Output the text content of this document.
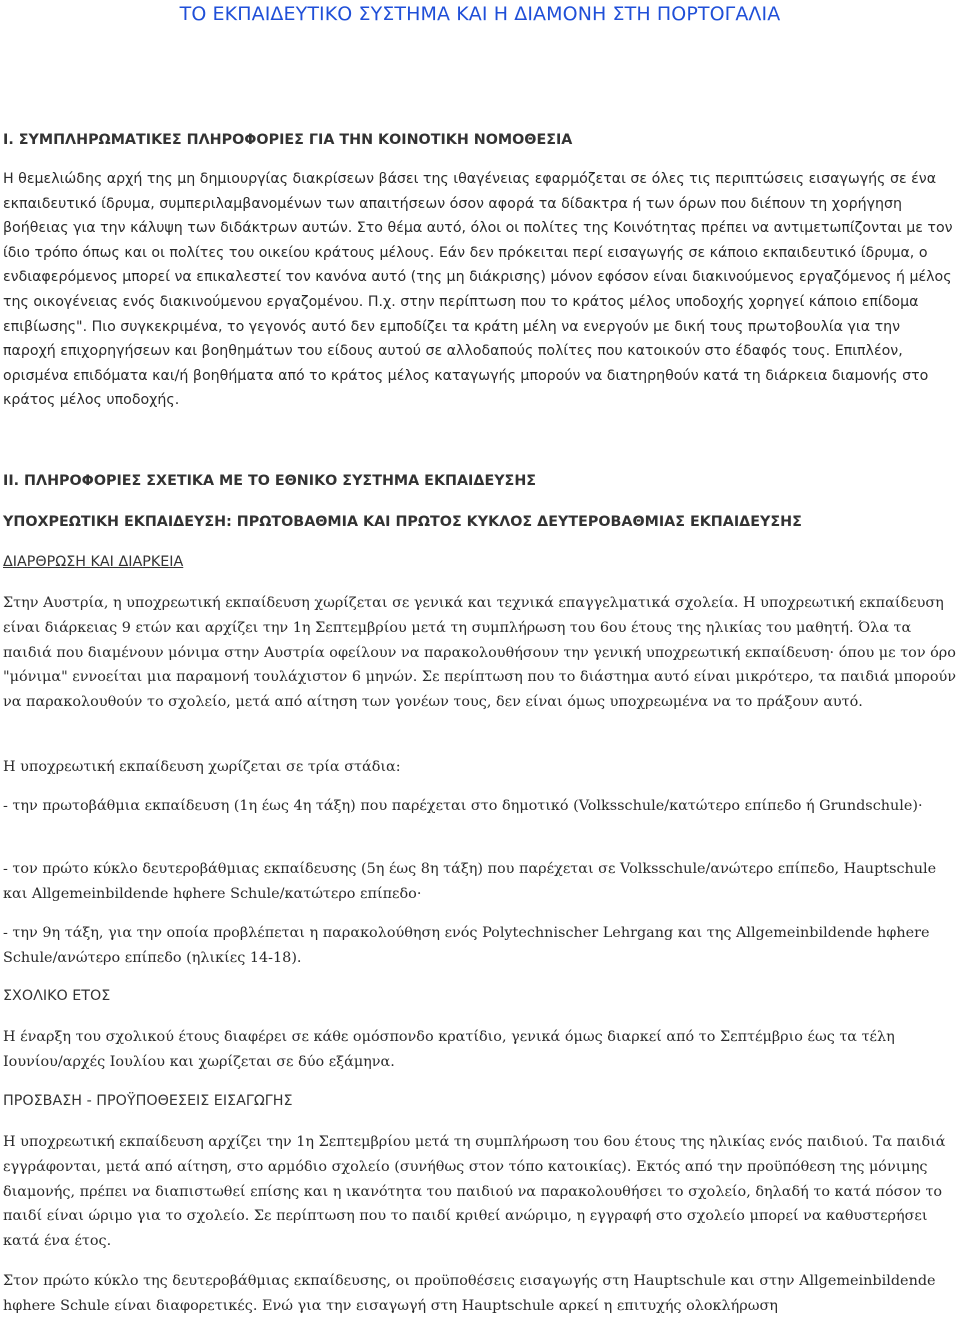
ΤΟ ΕΚΠΑΙΔΕΥΤΙΚΟ ΣΥΣΤΗΜΑ ΚΑΙ Η ΔΙΑΜΟΝΗ ΣΤΗ ΠΟΡΤΟΓΑΛΙΑ

Ι. ΣΥΜΠΛΗΡΩΜΑΤΙΚΕΣ ΠΛΗΡΟΦΟΡΙΕΣ ΓΙΑ ΤΗΝ ΚΟΙΝΟΤΙΚΗ ΝΟΜΟΘΕΣΙΑ

Η θεμελιώδης αρχή της μη δημιουργίας διακρίσεων βάσει της ιθαγένειας εφαρμόζεται σε όλες τις περιπτώσεις εισαγωγής σε ένα εκπαιδευτικό ίδρυμα, συμπεριλαμβανομένων των απαιτήσεων όσον αφορά τα δίδακτρα ή των όρων που διέπουν τη χορήγηση βοήθειας για την κάλυψη των διδάκτρων αυτών. Στο θέμα αυτό, όλοι οι πολίτες της Κοινότητας πρέπει να αντιμετωπίζονται με τον ίδιο τρόπο όπως και οι πολίτες του οικείου κράτους μέλους. Εάν δεν πρόκειται περί εισαγωγής σε κάποιο εκπαιδευτικό ίδρυμα, ο ενδιαφερόμενος μπορεί να επικαλεστεί τον κανόνα αυτό (της μη διάκρισης) μόνον εφόσον είναι διακινούμενος εργαζόμενος ή μέλος της οικογένειας ενός διακινούμενου εργαζομένου. Π.χ. στην περίπτωση που το κράτος μέλος υποδοχής χορηγεί κάποιο επίδομα επιβίωσης". Πιο συγκεκριμένα, το γεγονός αυτό δεν εμποδίζει τα κράτη μέλη να ενεργούν με δική τους πρωτοβουλία για την παροχή επιχορηγήσεων και βοηθημάτων του είδους αυτού σε αλλοδαπούς πολίτες που κατοικούν στο έδαφός τους. Επιπλέον, ορισμένα επιδόματα και/ή βοηθήματα από το κράτος μέλος καταγωγής μπορούν να διατηρηθούν κατά τη διάρκεια διαμονής στο κράτος μέλος υποδοχής.

ΙΙ. ΠΛΗΡΟΦΟΡΙΕΣ ΣΧΕΤΙΚΑ ΜΕ ΤΟ ΕΘΝΙΚΟ ΣΥΣΤΗΜΑ ΕΚΠΑΙΔΕΥΣΗΣ

ΥΠΟΧΡΕΩΤΙΚΗ ΕΚΠΑΙΔΕΥΣΗ: ΠΡΩΤΟΒΑΘΜΙΑ ΚΑΙ ΠΡΩΤΟΣ ΚΥΚΛΟΣ ΔΕΥΤΕΡΟΒΑΘΜΙΑΣ ΕΚΠΑΙΔΕΥΣΗΣ

ΔΙΑΡΘΡΩΣΗ ΚΑΙ ΔΙΑΡΚΕΙΑ

Στην Αυστρία, η υποχρεωτική εκπαίδευση χωρίζεται σε γενικά και τεχνικά επαγγελματικά σχολεία. Η υποχρεωτική εκπαίδευση είναι διάρκειας 9 ετών και αρχίζει την 1η Σεπτεμβρίου μετά τη συμπλήρωση του 6ου έτους της ηλικίας του μαθητή. Όλα τα παιδιά που διαμένουν μόνιμα στην Αυστρία οφείλουν να παρακολουθήσουν την γενική υποχρεωτική εκπαίδευση· όπου με τον όρο "μόνιμα" εννοείται μια παραμονή τουλάχιστον 6 μηνών. Σε περίπτωση που το διάστημα αυτό είναι μικρότερο, τα παιδιά μπορούν να παρακολουθούν το σχολείο, μετά από αίτηση των γονέων τους, δεν είναι όμως υποχρεωμένα να το πράξουν αυτό.

Η υποχρεωτική εκπαίδευση χωρίζεται σε τρία στάδια:

- την πρωτοβάθμια εκπαίδευση (1η έως 4η τάξη) που παρέχεται στο δημοτικό (Volksschule/κατώτερο επίπεδο ή Grundschule)·

- τον πρώτο κύκλο δευτεροβάθμιας εκπαίδευσης (5η έως 8η τάξη) που παρέχεται σε Volksschule/ανώτερο επίπεδο, Hauptschule και Allgemeinbildende hφhere Schule/κατώτερο επίπεδο·

- την 9η τάξη, για την οποία προβλέπεται η παρακολούθηση ενός Polytechnischer Lehrgang και της Allgemeinbildende hφhere Schule/ανώτερο επίπεδο (ηλικίες 14-18).

ΣΧΟΛΙΚΟ ΕΤΟΣ

Η έναρξη του σχολικού έτους διαφέρει σε κάθε ομόσπονδο κρατίδιο, γενικά όμως διαρκεί από το Σεπτέμβριο έως τα τέλη Ιουνίου/αρχές Ιουλίου και χωρίζεται σε δύο εξάμηνα.

ΠΡΟΣΒΑΣΗ - ΠΡΟΫΠΟΘΕΣΕΙΣ ΕΙΣΑΓΩΓΗΣ

Η υποχρεωτική εκπαίδευση αρχίζει την 1η Σεπτεμβρίου μετά τη συμπλήρωση του 6ου έτους της ηλικίας ενός παιδιού. Τα παιδιά εγγράφονται, μετά από αίτηση, στο αρμόδιο σχολείο (συνήθως στον τόπο κατοικίας). Εκτός από την προϋπόθεση της μόνιμης διαμονής, πρέπει να διαπιστωθεί επίσης και η ικανότητα του παιδιού να παρακολουθήσει το σχολείο, δηλαδή το κατά πόσον το παιδί είναι ώριμο για το σχολείο. Σε περίπτωση που το παιδί κριθεί ανώριμο, η εγγραφή στο σχολείο μπορεί να καθυστερήσει κατά ένα έτος.

Στον πρώτο κύκλο της δευτεροβάθμιας εκπαίδευσης, οι προϋποθέσεις εισαγωγής στη Hauptschule και στην Allgemeinbildende hφhere Schule είναι διαφορετικές. Ενώ για την εισαγωγή στη Hauptschule αρκεί η επιτυχής ολοκλήρωση
